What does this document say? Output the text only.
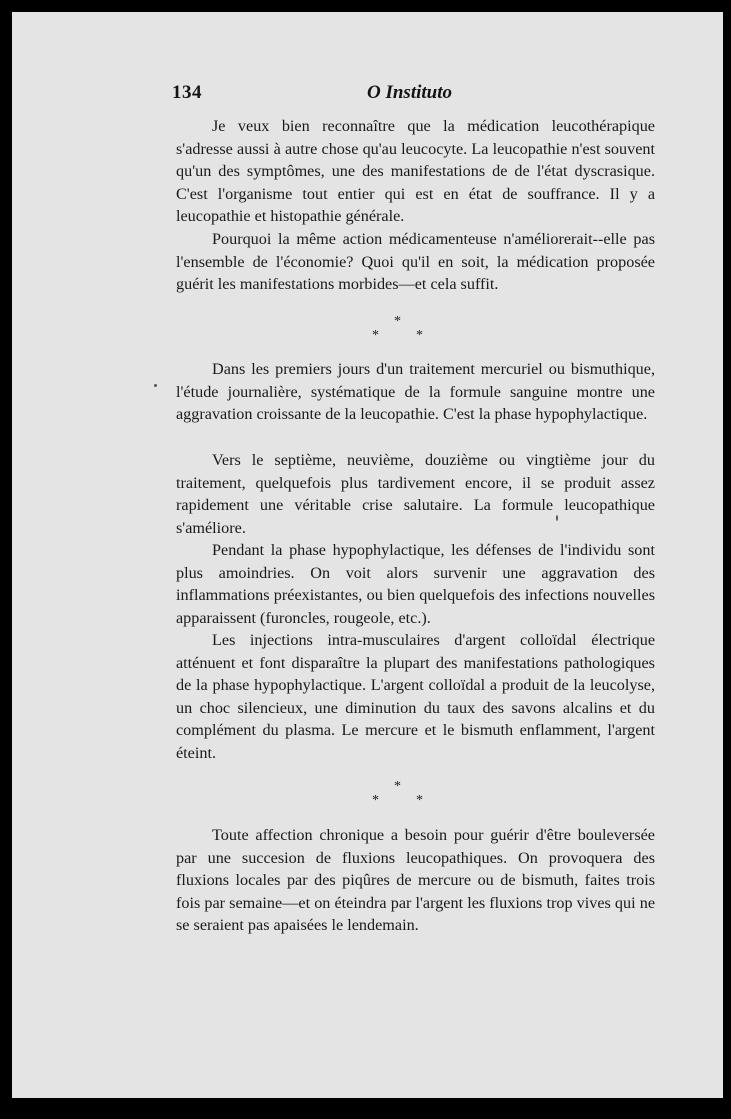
134	O Instituto

Je veux bien reconnaître que la médication leucothérapique s'adresse aussi à autre chose qu'au leucocyte. La leucopathie n'est souvent qu'un des symptômes, une des manifestations de de l'état dyscrasique. C'est l'organisme tout entier qui est en état de souffrance. Il y a leucopathie et histopathie générale.

Pourquoi la même action médicamenteuse n'améliorerait--elle pas l'ensemble de l'économie? Quoi qu'il en soit, la médication proposée guérit les manifestations morbides—et cela suffit.

*
*	*

Dans les premiers jours d'un traitement mercuriel ou bismuthique, l'étude journalière, systématique de la formule sanguine montre une aggravation croissante de la leucopathie. C'est la phase hypophylactique.

Vers le septième, neuvième, douzième ou vingtième jour du traitement, quelquefois plus tardivement encore, il se produit assez rapidement une véritable crise salutaire. La formule leucopathique s'améliore.

Pendant la phase hypophylactique, les défenses de l'individu sont plus amoindries. On voit alors survenir une aggravation des inflammations préexistantes, ou bien quelquefois des infections nouvelles apparaissent (furoncles, rougeole, etc.).

Les injections intra-musculaires d'argent colloïdal électrique atténuent et font disparaître la plupart des manifestations pathologiques de la phase hypophylactique. L'argent colloïdal a produit de la leucolyse, un choc silencieux, une diminution du taux des savons alcalins et du complément du plasma. Le mercure et le bismuth enflamment, l'argent éteint.

*
*	*

Toute affection chronique a besoin pour guérir d'être bouleversée par une succesion de fluxions leucopathiques. On provoquera des fluxions locales par des piqûres de mercure ou de bismuth, faites trois fois par semaine—et on éteindra par l'argent les fluxions trop vives qui ne se seraient pas apaisées le lendemain.
